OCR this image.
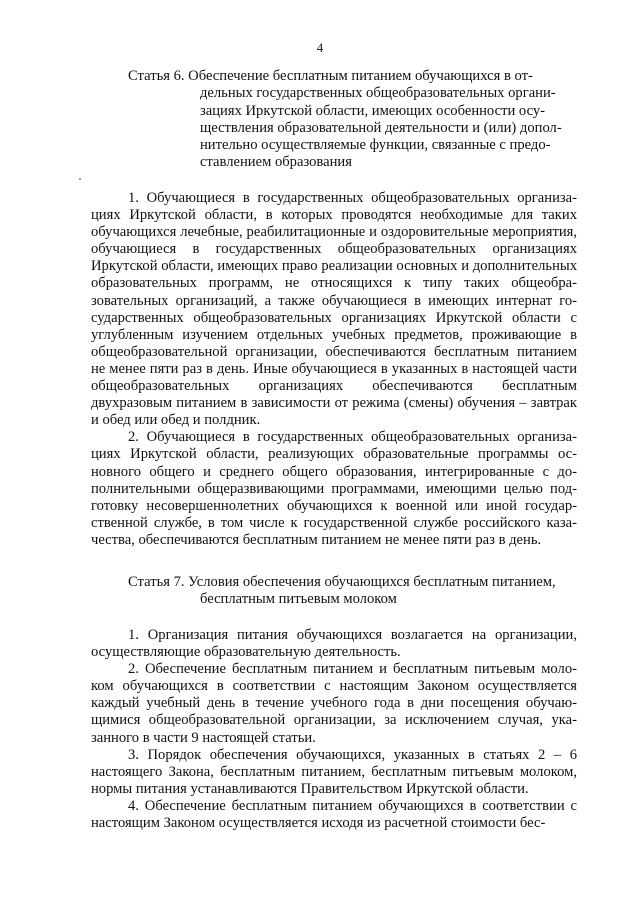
4
Статья 6. Обеспечение бесплатным питанием обучающихся в от-
дельных государственных общеобразовательных органи-
зациях Иркутской области, имеющих особенности осу-
ществления образовательной деятельности и (или) допол-
нительно осуществляемые функции, связанные с предо-
ставлением образования

1. Обучающиеся в государственных общеобразовательных организациях Иркутской области, в которых проводятся необходимые для таких обучающихся лечебные, реабилитационные и оздоровительные мероприятия, обучающиеся в государственных общеобразовательных организациях Иркутской области, имеющих право реализации основных и дополнительных образовательных программ, не относящихся к типу таких общеобразовательных организаций, а также обучающиеся в имеющих интернат государственных общеобразовательных организациях Иркутской области с углубленным изучением отдельных учебных предметов, проживающие в общеобразовательной организации, обеспечиваются бесплатным питанием не менее пяти раз в день. Иные обучающиеся в указанных в настоящей части общеобразовательных организациях обеспечиваются бесплатным двухразовым питанием в зависимости от режима (смены) обучения – завтрак и обед или обед и полдник.

2. Обучающиеся в государственных общеобразовательных организациях Иркутской области, реализующих образовательные программы основного общего и среднего общего образования, интегрированные с дополнительными общеразвивающими программами, имеющими целью подготовку несовершеннолетних обучающихся к военной или иной государственной службе, в том числе к государственной службе российского казачества, обеспечиваются бесплатным питанием не менее пяти раз в день.

Статья 7. Условия обеспечения обучающихся бесплатным питанием,
бесплатным питьевым молоком

1. Организация питания обучающихся возлагается на организации, осуществляющие образовательную деятельность.

2. Обеспечение бесплатным питанием и бесплатным питьевым молоком обучающихся в соответствии с настоящим Законом осуществляется каждый учебный день в течение учебного года в дни посещения обучающимися общеобразовательной организации, за исключением случая, указанного в части 9 настоящей статьи.

3. Порядок обеспечения обучающихся, указанных в статьях 2 – 6 настоящего Закона, бесплатным питанием, бесплатным питьевым молоком, нормы питания устанавливаются Правительством Иркутской области.

4. Обеспечение бесплатным питанием обучающихся в соответствии с настоящим Законом осуществляется исходя из расчетной стоимости бес-
